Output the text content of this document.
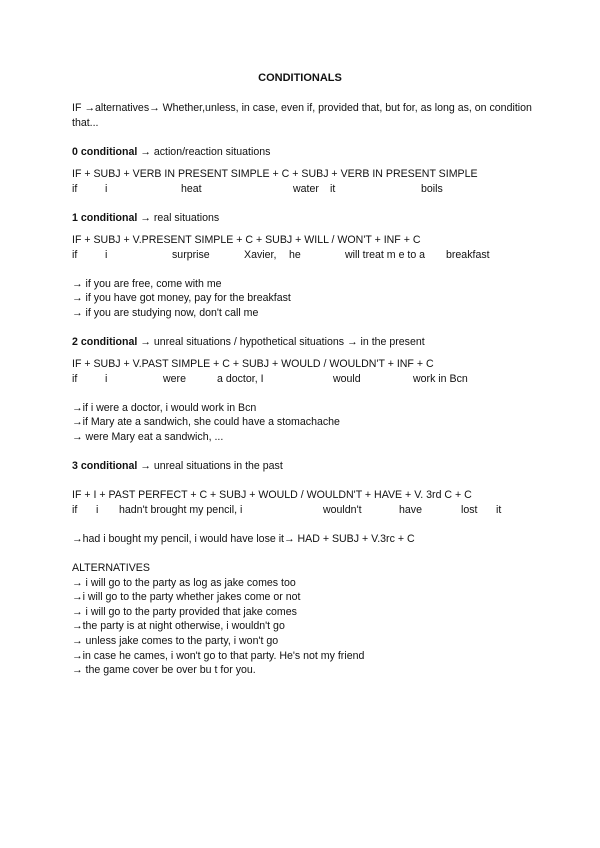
CONDITIONALS
IF →alternatives→ Whether,unless, in case, even if, provided that, but for, as long as, on condition that...
0 conditional → action/reaction situations
IF + SUBJ + VERB IN PRESENT SIMPLE + C + SUBJ + VERB IN PRESENT SIMPLE
if	i	heat	water it	boils
1 conditional → real situations
IF + SUBJ + V.PRESENT SIMPLE + C + SUBJ + WILL / WON'T + INF + C
if	i	surprise	Xavier, he	will treat m e to a breakfast
→ if you are free, come with me
→ if you have got money, pay for the breakfast
→ if you are studying now, don't call me
2 conditional → unreal situations / hypothetical situations → in the present
IF + SUBJ + V.PAST SIMPLE + C + SUBJ + WOULD / WOULDN'T + INF + C
if	i	were	a doctor, I	would	work in Bcn
→if i were a doctor, i would work in Bcn
→if Mary ate a sandwich, she could have a stomachache
→ were Mary eat a sandwich, ...
3 conditional → unreal situations in the past
IF + I + PAST PERFECT + C + SUBJ + WOULD / WOULDN'T + HAVE + V. 3rd C + C
if i hadn't brought my pencil, i	wouldn't	have	lost it
→had i bought my pencil, i would have lose it→ HAD + SUBJ + V.3rc + C
ALTERNATIVES
→ i will go to the party as log as jake comes too
→i will go to the party whether jakes come or not
→ i will go to the party provided that jake comes
→the party is at night otherwise, i wouldn't go
→ unless jake comes to the party, i won't go
→in case he cames, i won't go to that party. He's not my friend
→ the game cover be over bu t for you.
